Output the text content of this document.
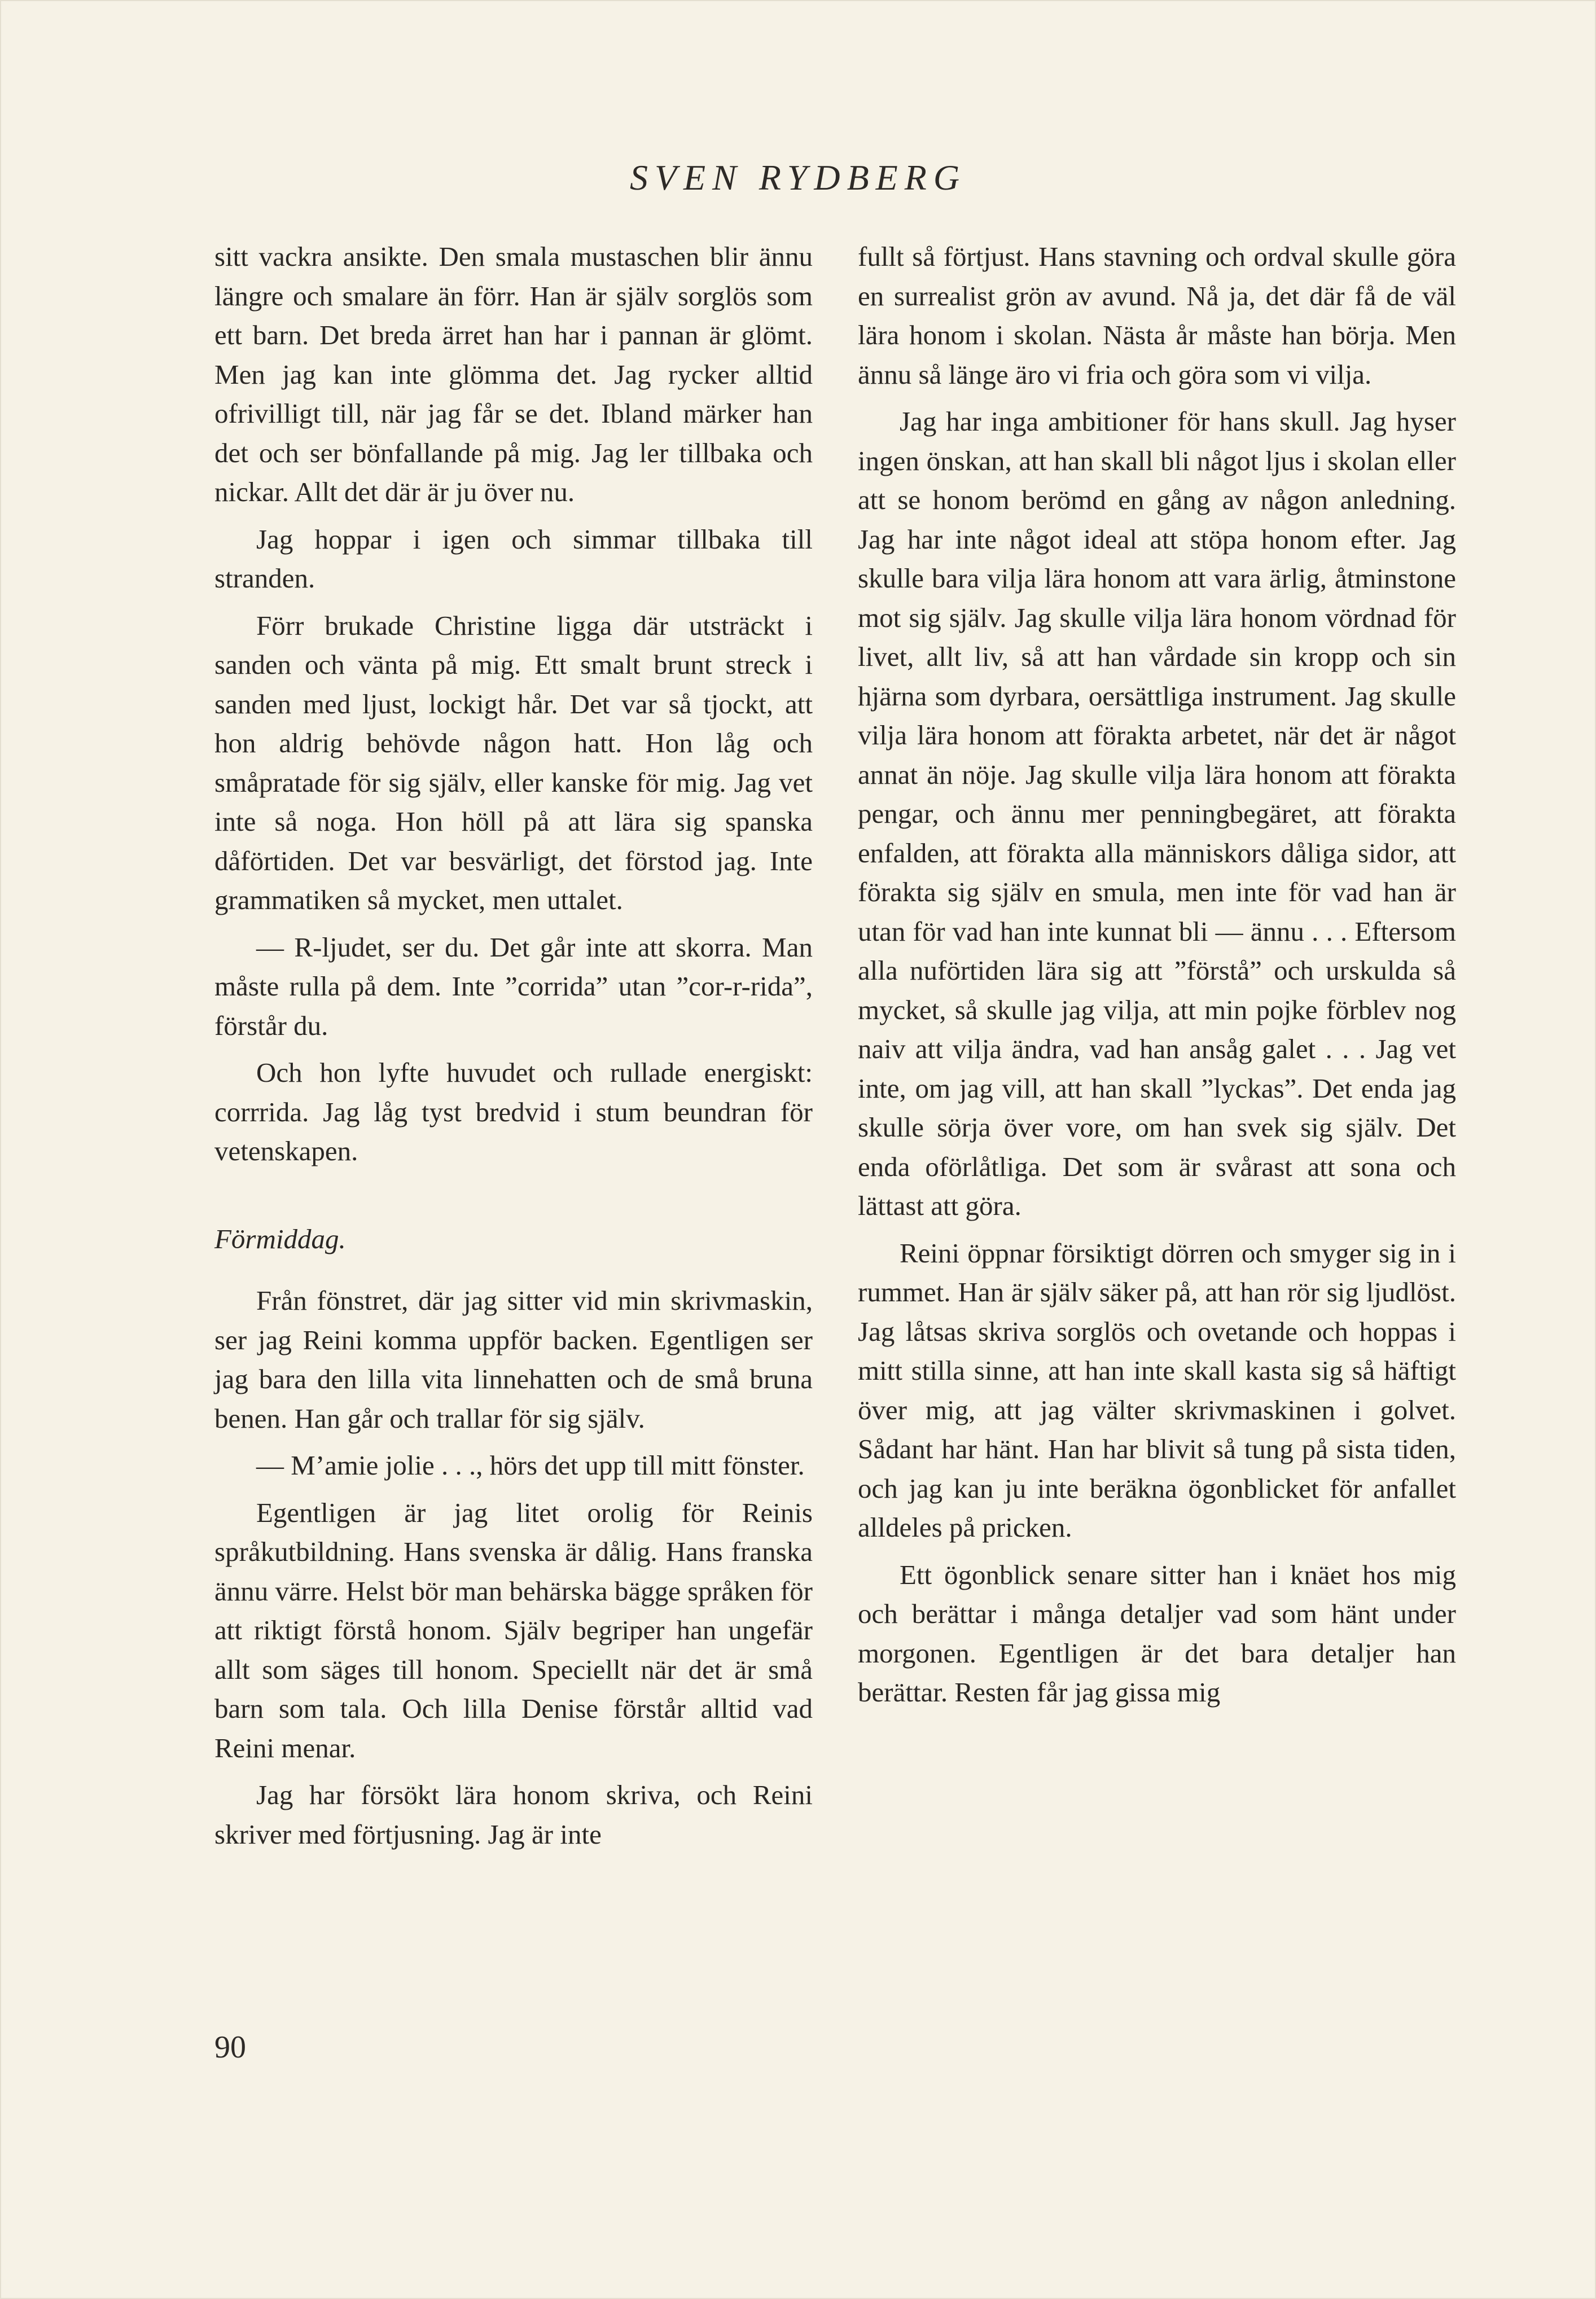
SVEN RYDBERG

sitt vackra ansikte. Den smala mustaschen blir ännu längre och smalare än förr. Han är själv sorglös som ett barn. Det breda ärret han har i pannan är glömt. Men jag kan inte glömma det. Jag rycker alltid ofrivilligt till, när jag får se det. Ibland märker han det och ser bönfallande på mig. Jag ler tillbaka och nickar. Allt det där är ju över nu.

Jag hoppar i igen och simmar tillbaka till stranden.

Förr brukade Christine ligga där utsträckt i sanden och vänta på mig. Ett smalt brunt streck i sanden med ljust, lockigt hår. Det var så tjockt, att hon aldrig behövde någon hatt. Hon låg och småpratade för sig själv, eller kanske för mig. Jag vet inte så noga. Hon höll på att lära sig spanska dåförtiden. Det var besvärligt, det förstod jag. Inte grammatiken så mycket, men uttalet.

— R-ljudet, ser du. Det går inte att skorra. Man måste rulla på dem. Inte ”corrida” utan ”cor-r-rida”, förstår du.

Och hon lyfte huvudet och rullade energiskt: corrrida. Jag låg tyst bredvid i stum beundran för vetenskapen.

Förmiddag.

Från fönstret, där jag sitter vid min skrivmaskin, ser jag Reini komma uppför backen. Egentligen ser jag bara den lilla vita linnehatten och de små bruna benen. Han går och trallar för sig själv.

— M’amie jolie . . ., hörs det upp till mitt fönster.

Egentligen är jag litet orolig för Reinis språkutbildning. Hans svenska är dålig. Hans franska ännu värre. Helst bör man behärska bägge språken för att riktigt förstå honom. Själv begriper han ungefär allt som säges till honom. Speciellt när det är små barn som tala. Och lilla Denise förstår alltid vad Reini menar.

Jag har försökt lära honom skriva, och Reini skriver med förtjusning. Jag är inte

fullt så förtjust. Hans stavning och ordval skulle göra en surrealist grön av avund. Nå ja, det där få de väl lära honom i skolan. Nästa år måste han börja. Men ännu så länge äro vi fria och göra som vi vilja.

Jag har inga ambitioner för hans skull. Jag hyser ingen önskan, att han skall bli något ljus i skolan eller att se honom berömd en gång av någon anledning. Jag har inte något ideal att stöpa honom efter. Jag skulle bara vilja lära honom att vara ärlig, åtminstone mot sig själv. Jag skulle vilja lära honom vördnad för livet, allt liv, så att han vårdade sin kropp och sin hjärna som dyrbara, oersättliga instrument. Jag skulle vilja lära honom att förakta arbetet, när det är något annat än nöje. Jag skulle vilja lära honom att förakta pengar, och ännu mer penningbegäret, att förakta enfalden, att förakta alla människors dåliga sidor, att förakta sig själv en smula, men inte för vad han är utan för vad han inte kunnat bli — ännu . . . Eftersom alla nuförtiden lära sig att ”förstå” och urskulda så mycket, så skulle jag vilja, att min pojke förblev nog naiv att vilja ändra, vad han ansåg galet . . . Jag vet inte, om jag vill, att han skall ”lyckas”. Det enda jag skulle sörja över vore, om han svek sig själv. Det enda oförlåtliga. Det som är svårast att sona och lättast att göra.

Reini öppnar försiktigt dörren och smyger sig in i rummet. Han är själv säker på, att han rör sig ljudlöst. Jag låtsas skriva sorglös och ovetande och hoppas i mitt stilla sinne, att han inte skall kasta sig så häftigt över mig, att jag välter skrivmaskinen i golvet. Sådant har hänt. Han har blivit så tung på sista tiden, och jag kan ju inte beräkna ögonblicket för anfallet alldeles på pricken.

Ett ögonblick senare sitter han i knäet hos mig och berättar i många detaljer vad som hänt under morgonen. Egentligen är det bara detaljer han berättar. Resten får jag gissa mig

90
